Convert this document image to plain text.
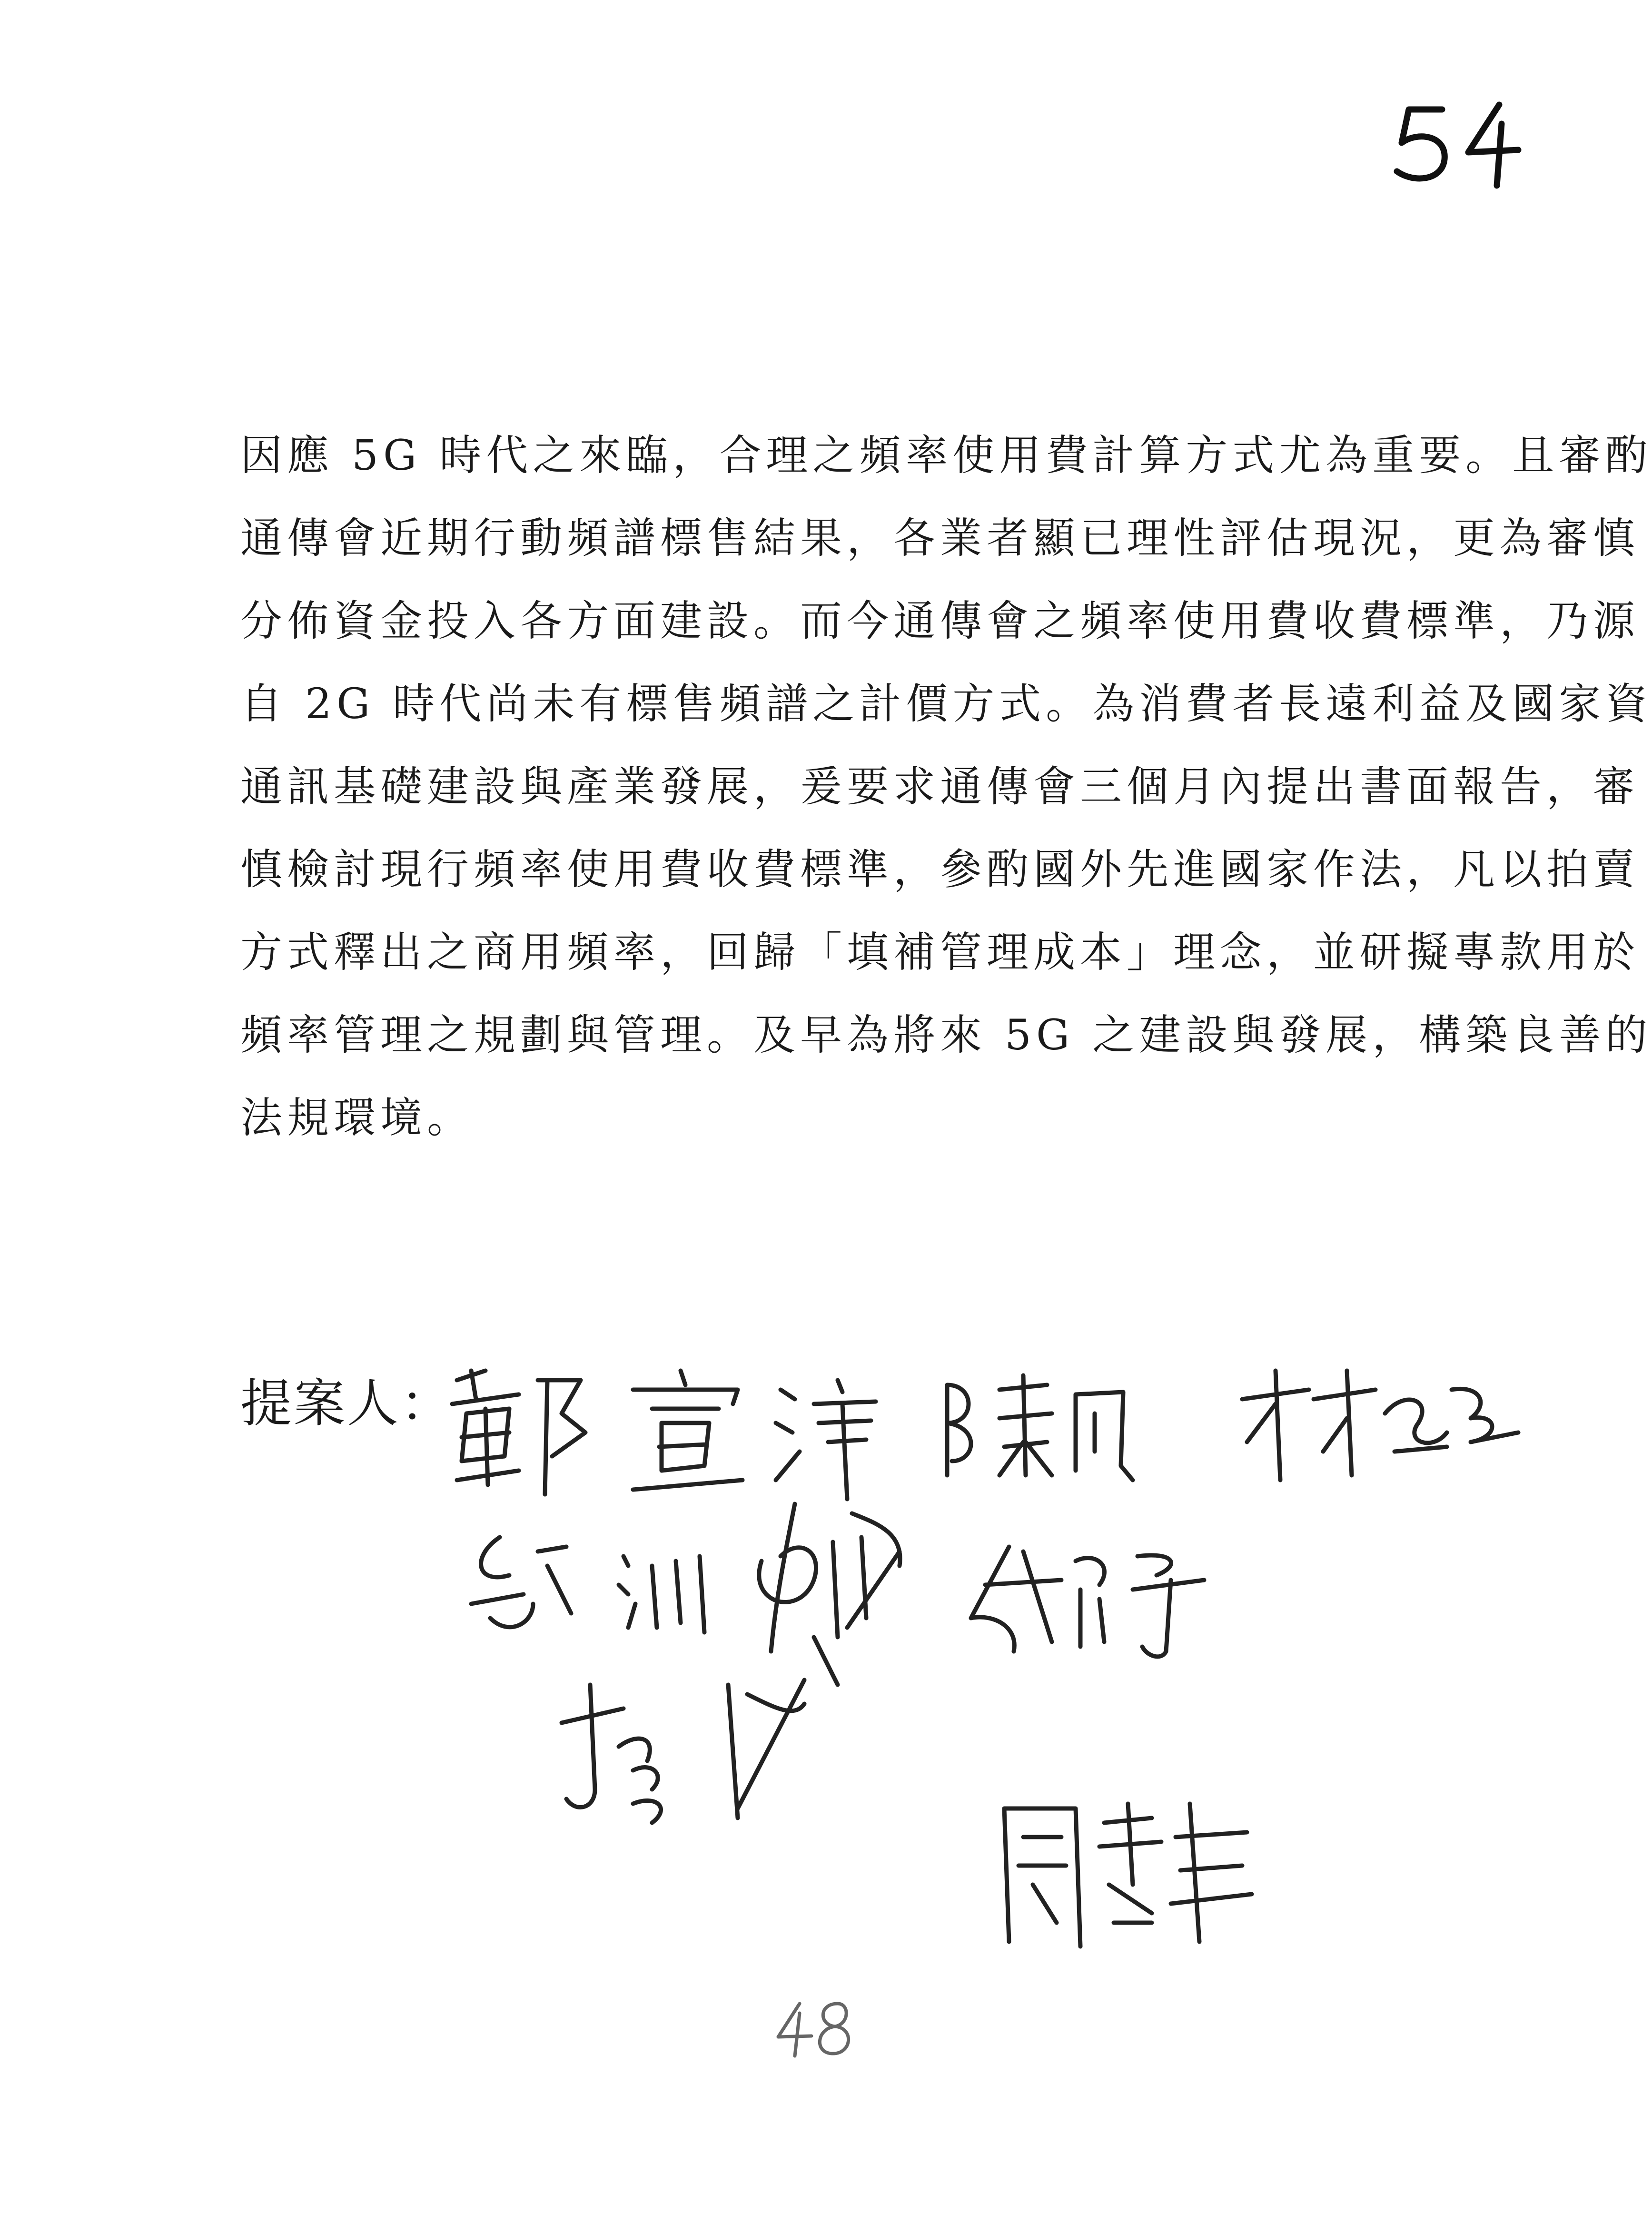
因應 5G 時代之來臨，合理之頻率使用費計算方式尤為重要。且審酌
通傳會近期行動頻譜標售結果，各業者顯已理性評估現況，更為審慎
分佈資金投入各方面建設。而今通傳會之頻率使用費收費標準，乃源
自 2G 時代尚未有標售頻譜之計價方式。為消費者長遠利益及國家資
通訊基礎建設與產業發展，爰要求通傳會三個月內提出書面報告，審
慎檢討現行頻率使用費收費標準，參酌國外先進國家作法，凡以拍賣
方式釋出之商用頻率，回歸「填補管理成本」理念，並研擬專款用於
頻率管理之規劃與管理。及早為將來 5G 之建設與發展，構築良善的
法規環境。
提案人：
